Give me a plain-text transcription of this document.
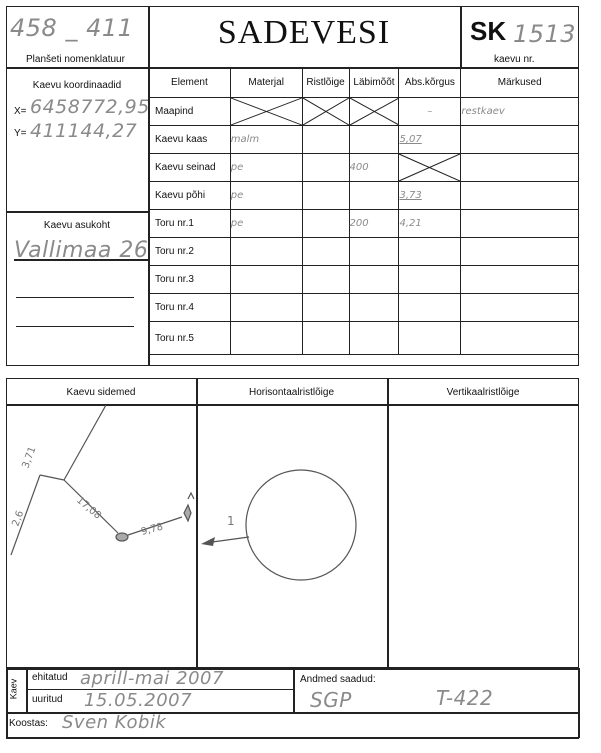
458 _ 411
Planšeti nomenklatuur
SADEVESI	SK 1513
kaevu nr.
Kaevu koordinaadid
X= 6458772,95
Y= 411144,27
Kaevu asukoht
Vallimaa 26
Element	Materjal	Ristlõige	Läbimõõt	Abs.kõrgus	Märkused
Maapind				–	restkaev
Kaevu kaas	malm			5,07	
Kaevu seinad	pe		400	

Kaevu põhi	pe			3,73	
Toru nr.1	pe		200	4,21	
Toru nr.2					
Toru nr.3					
Toru nr.4					
Toru nr.5					
Kaevu sidemed	Horisontaalristlõige	Vertikaalristlõige
3,71
2,6	17,08
9,78
1
Kaev
ehitatud aprill-mai 2007
uuritud 15.05.2007
Andmed saadud:
SGP	T-422
Koostas: Sven Kobik
